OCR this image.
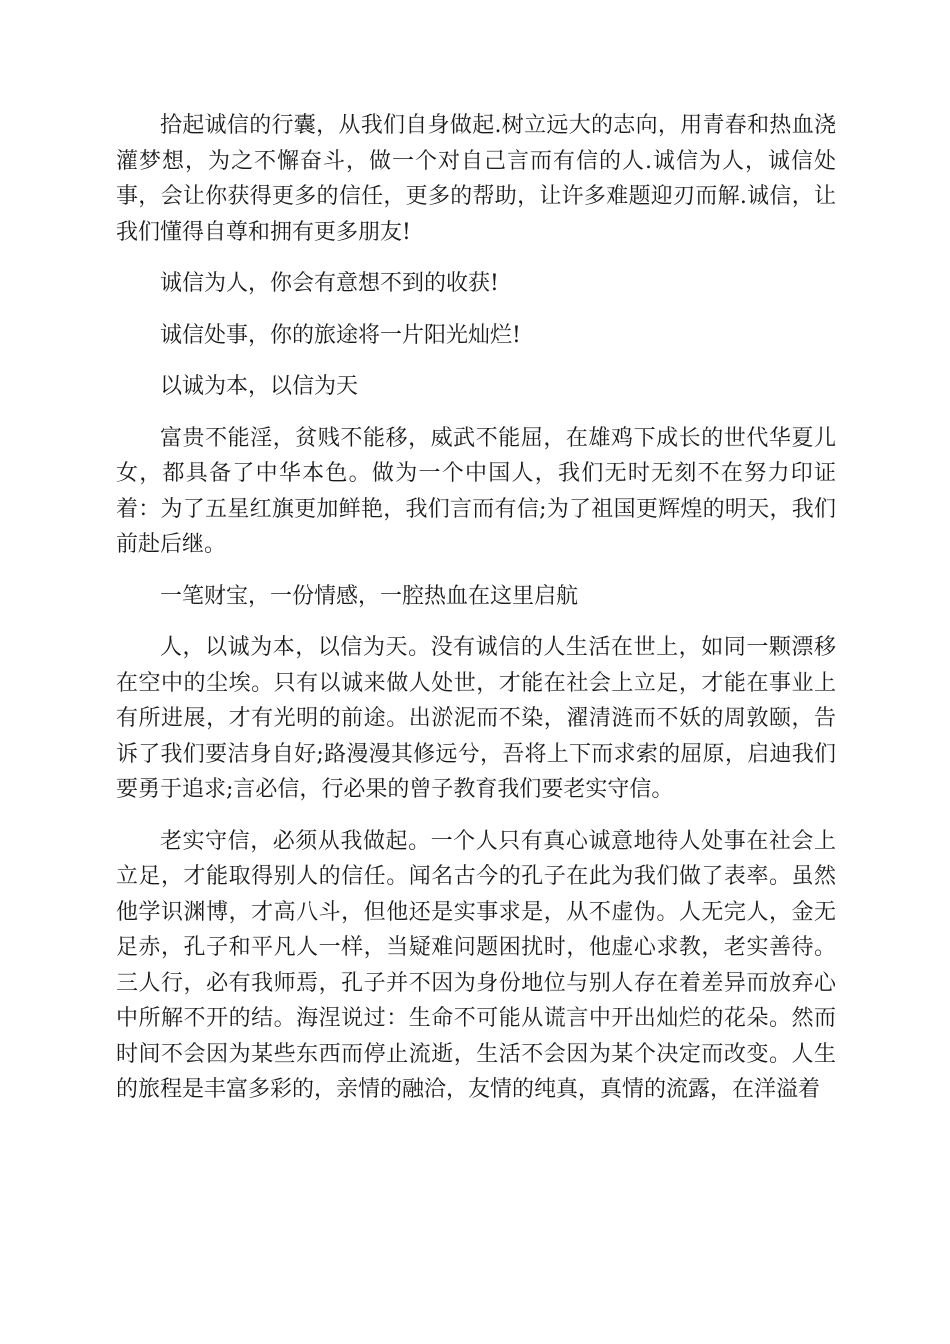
拾起诚信的行囊，从我们自身做起.树立远大的志向，用青春和热血浇灌梦想，为之不懈奋斗，做一个对自己言而有信的人.诚信为人，诚信处事，会让你获得更多的信任，更多的帮助，让许多难题迎刃而解.诚信，让我们懂得自尊和拥有更多朋友!

诚信为人，你会有意想不到的收获!

诚信处事，你的旅途将一片阳光灿烂!

以诚为本，以信为天

富贵不能淫，贫贱不能移，威武不能屈，在雄鸡下成长的世代华夏儿女，都具备了中华本色。做为一个中国人，我们无时无刻不在努力印证着：为了五星红旗更加鲜艳，我们言而有信;为了祖国更辉煌的明天，我们前赴后继。

一笔财宝，一份情感，一腔热血在这里启航

人，以诚为本，以信为天。没有诚信的人生活在世上，如同一颗漂移在空中的尘埃。只有以诚来做人处世，才能在社会上立足，才能在事业上有所进展，才有光明的前途。出淤泥而不染，濯清涟而不妖的周敦颐，告诉了我们要洁身自好;路漫漫其修远兮，吾将上下而求索的屈原，启迪我们要勇于追求;言必信，行必果的曾子教育我们要老实守信。

老实守信，必须从我做起。一个人只有真心诚意地待人处事在社会上立足，才能取得别人的信任。闻名古今的孔子在此为我们做了表率。虽然他学识渊博，才高八斗，但他还是实事求是，从不虚伪。人无完人，金无足赤，孔子和平凡人一样，当疑难问题困扰时，他虚心求教，老实善待。三人行，必有我师焉，孔子并不因为身份地位与别人存在着差异而放弃心中所解不开的结。海涅说过：生命不可能从谎言中开出灿烂的花朵。然而时间不会因为某些东西而停止流逝，生活不会因为某个决定而改变。人生的旅程是丰富多彩的，亲情的融洽，友情的纯真，真情的流露，在洋溢着
